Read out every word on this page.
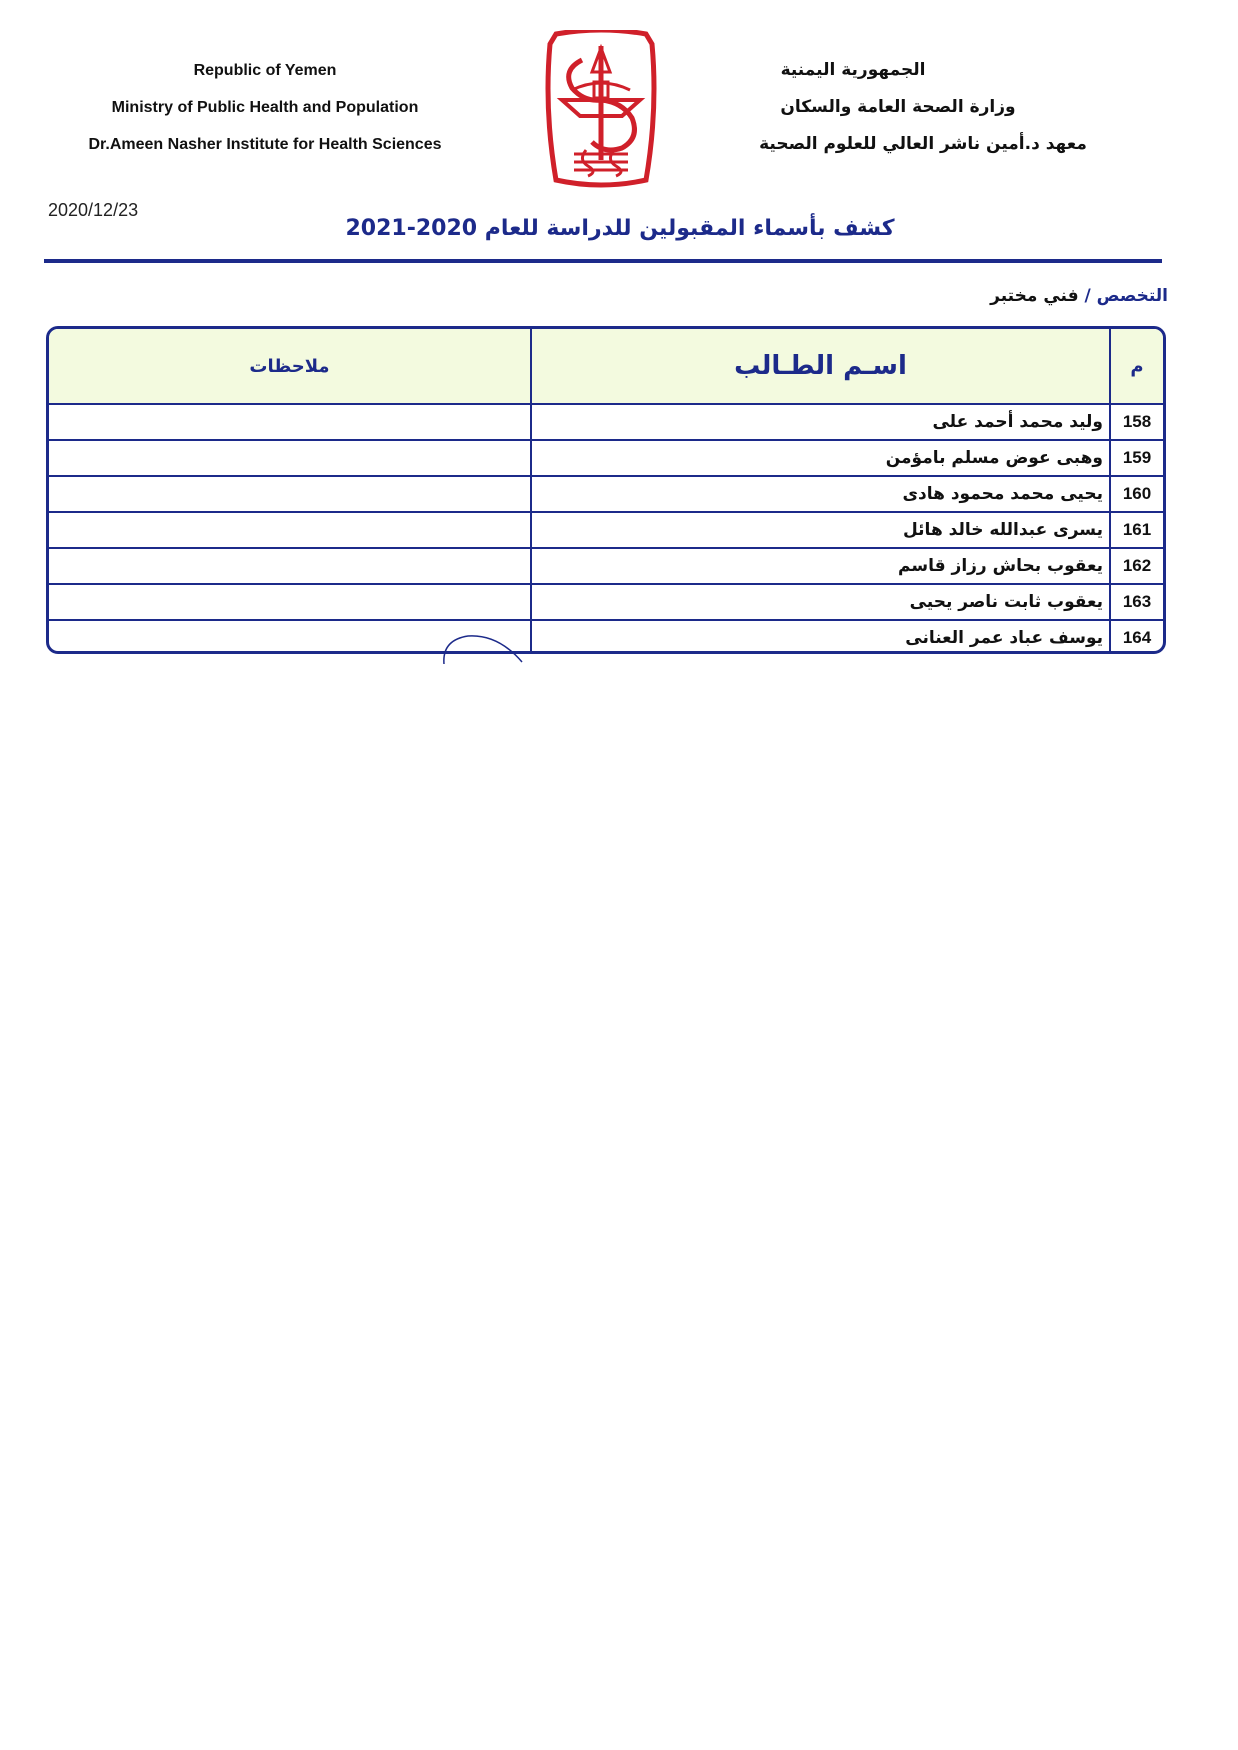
Republic of Yemen
Ministry of Public Health and Population
Dr.Ameen Nasher Institute for Health Sciences
الجمهورية اليمنية
وزارة الصحة العامة والسكان
معهد د.أمين ناشر العالي للعلوم الصحية
2020/12/23
كشف بأسماء المقبولين للدراسة للعام 2020-2021
التخصص / فني مختبر
م	اسـم الطـالب	ملاحظات
158	وليد محمد أحمد على	
159	وهبى عوض مسلم بامؤمن	
160	يحيى محمد محمود هادى	
161	يسرى عبدالله خالد هائل	
162	يعقوب بحاش رزاز قاسم	
163	يعقوب ثابت ناصر يحيى	
164	يوسف عباد عمر العنانى	
